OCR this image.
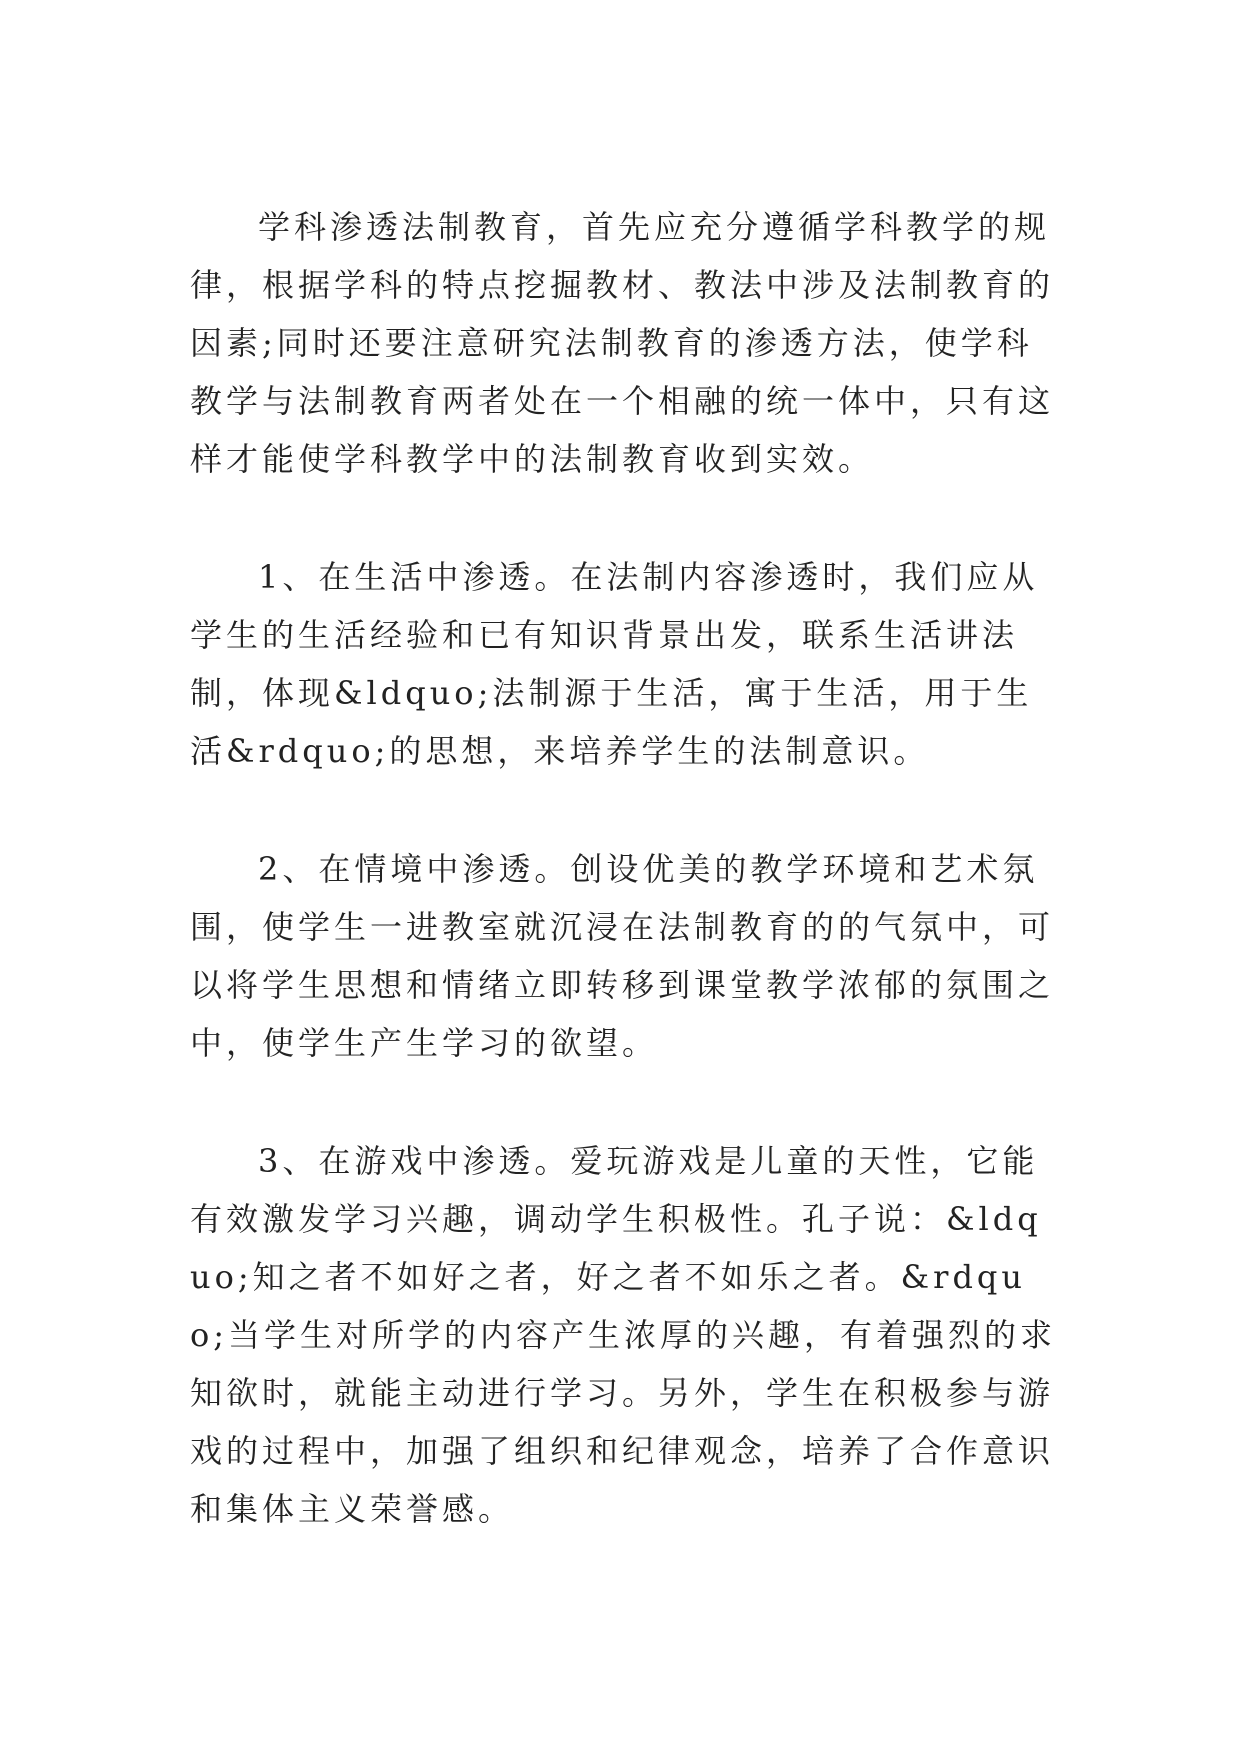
学科渗透法制教育，首先应充分遵循学科教学的规律，根据学科的特点挖掘教材、教法中涉及法制教育的因素;同时还要注意研究法制教育的渗透方法，使学科教学与法制教育两者处在一个相融的统一体中，只有这样才能使学科教学中的法制教育收到实效。

1、在生活中渗透。在法制内容渗透时，我们应从学生的生活经验和已有知识背景出发，联系生活讲法制，体现&ldquo;法制源于生活，寓于生活，用于生活&rdquo;的思想，来培养学生的法制意识。

2、在情境中渗透。创设优美的教学环境和艺术氛围，使学生一进教室就沉浸在法制教育的的气氛中，可以将学生思想和情绪立即转移到课堂教学浓郁的氛围之中，使学生产生学习的欲望。

3、在游戏中渗透。爱玩游戏是儿童的天性，它能有效激发学习兴趣，调动学生积极性。孔子说：&ldquo;知之者不如好之者，好之者不如乐之者。&rdquo;当学生对所学的内容产生浓厚的兴趣，有着强烈的求知欲时，就能主动进行学习。另外，学生在积极参与游戏的过程中，加强了组织和纪律观念，培养了合作意识和集体主义荣誉感。
